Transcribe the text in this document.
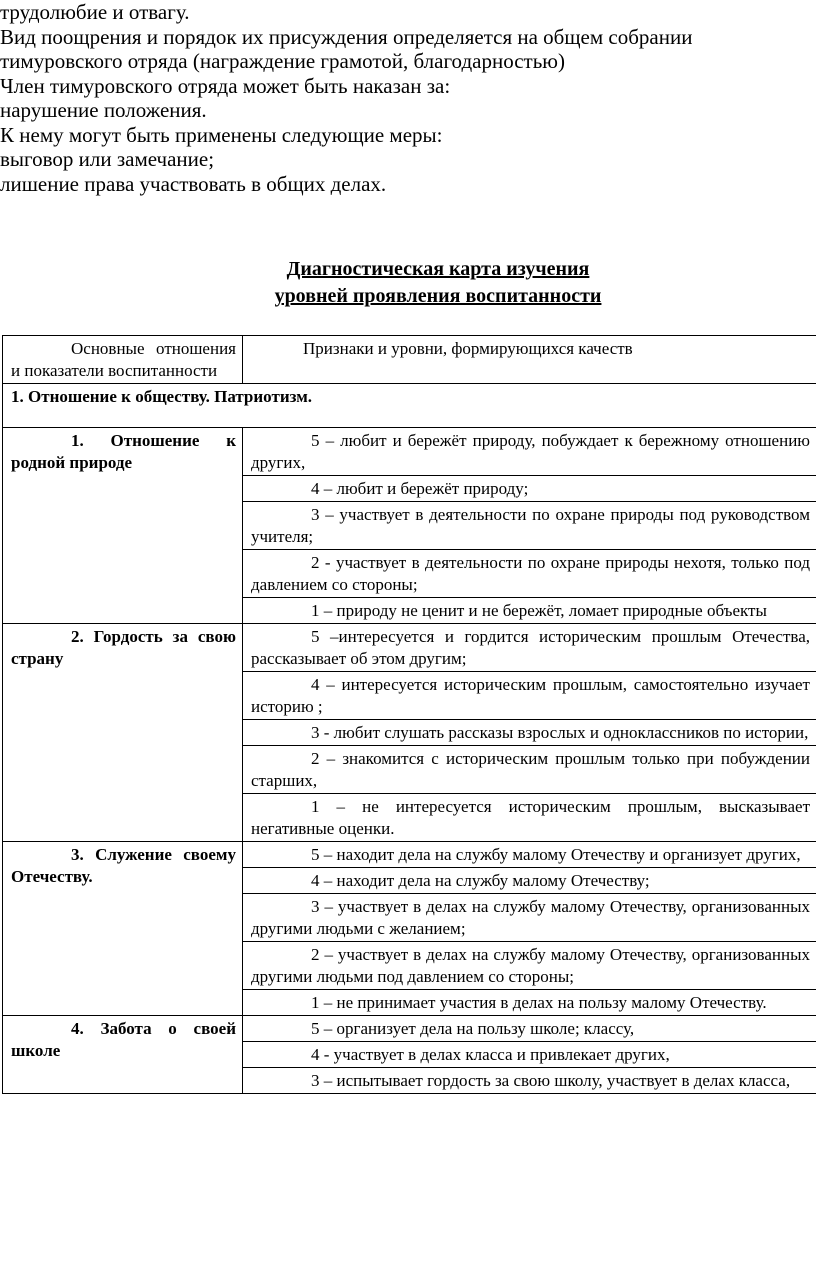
трудолюбие и отвагу.

Вид поощрения и порядок их присуждения определяется на общем собрании

тимуровского отряда (награждение грамотой, благодарностью)

Член тимуровского отряда может быть наказан за:

нарушение положения.

К нему могут быть применены следующие меры:

выговор или замечание;

лишение права участвовать в общих делах.

Диагностическая карта изучения
уровней проявления воспитанности
Основные отношения и показатели воспитанности	Признаки и уровни, формирующихся качеств
1. Отношение к обществу. Патриотизм.	
1. Отношение к родной природе	5 – любит и бережёт природу, побуждает к бережному отношению других,
	4 – любит и бережёт природу;
	3 – участвует в деятельности по охране природы под руководством учителя;
	2 - участвует в деятельности по охране природы нехотя, только под давлением со стороны;
	1 – природу не ценит и не бережёт, ломает природные объекты
2. Гордость за свою страну	5 –интересуется и гордится историческим прошлым Отечества, рассказывает об этом другим;
	4 – интересуется историческим прошлым, самостоятельно изучает историю ;
	3 - любит слушать рассказы взрослых и одноклассников по истории,
	2 – знакомится с историческим прошлым только при побуждении старших,
	1 – не интересуется историческим прошлым, высказывает негативные оценки.
3. Служение своему Отечеству.	5 – находит дела на службу малому Отечеству и организует других,
	4 – находит дела на службу малому Отечеству;
	3 – участвует в делах на службу малому Отечеству, организованных другими людьми с желанием;
	2 – участвует в делах на службу малому Отечеству, организованных другими людьми под давлением со стороны;
	1 – не принимает участия в делах на пользу малому Отечеству.
4. Забота о своей школе	5 – организует дела на пользу школе; классу,
	4 - участвует в делах класса и привлекает других,
	3 – испытывает гордость за свою школу, участвует в делах класса,
